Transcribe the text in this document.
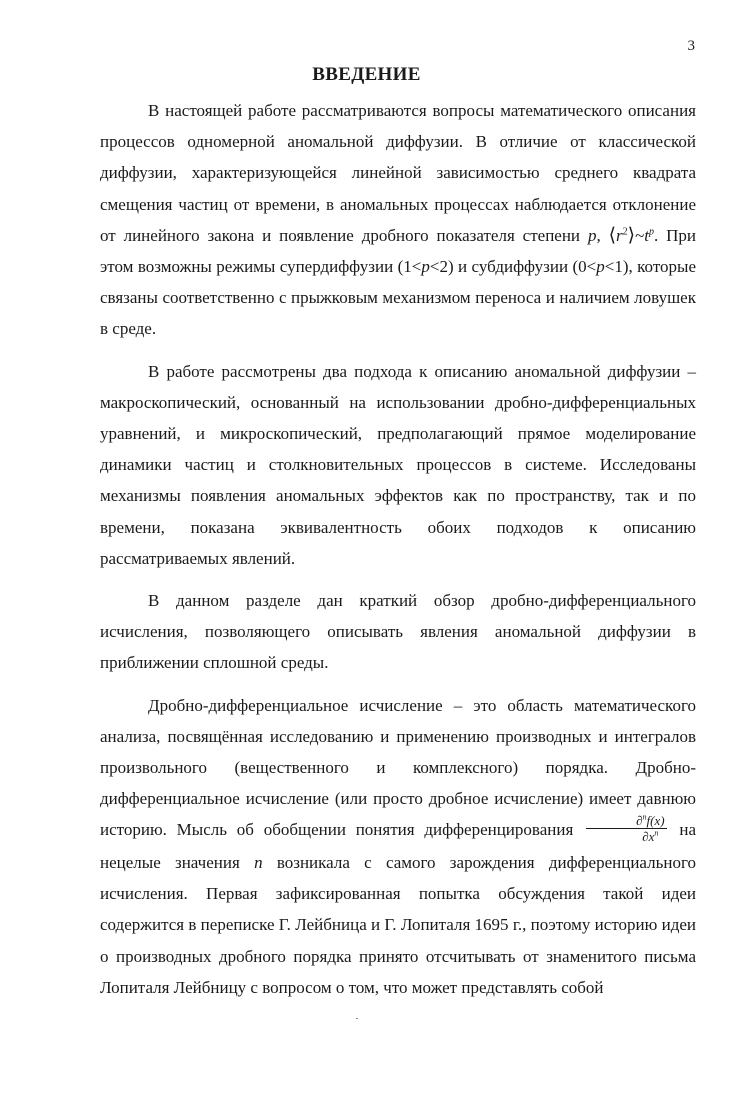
3
ВВЕДЕНИЕ

В настоящей работе рассматриваются вопросы математического описания процессов одномерной аномальной диффузии. В отличие от классической диффузии, характеризующейся линейной зависимостью среднего квадрата смещения частиц от времени, в аномальных процессах наблюдается отклонение от линейного закона и появление дробного показателя степени p, $⟨r^2⟩\sim t^p$. При этом возможны режимы супердиффузии (1<p<2) и субдиффузии (0<p<1), которые связаны соответственно с прыжковым механизмом переноса и наличием ловушек в среде.

В работе рассмотрены два подхода к описанию аномальной диффузии – макроскопический, основанный на использовании дробно-дифференциальных уравнений, и микроскопический, предполагающий прямое моделирование динамики частиц и столкновительных процессов в системе. Исследованы механизмы появления аномальных эффектов как по пространству, так и по времени, показана эквивалентность обоих подходов к описанию рассматриваемых явлений.

В данном разделе дан краткий обзор дробно-дифференциального исчисления, позволяющего описывать явления аномальной диффузии в приближении сплошной среды.

Дробно-дифференциальное исчисление – это область математического анализа, посвящённая исследованию и применению производных и интегралов произвольного (вещественного и комплексного) порядка. Дробно-дифференциальное исчисление (или просто дробное исчисление) имеет давнюю историю. Мысль об обобщении понятия дифференцирования $\frac{\partial^nf(x)}{\partial x^n}$ на нецелые значения n возникала с самого зарождения дифференциального исчисления. Первая зафиксированная попытка обсуждения такой идеи содержится в переписке Г. Лейбница и Г. Лопиталя 1695 г., поэтому историю идеи о производных дробного порядка принято отсчитывать от знаменитого письма Лопиталя Лейбницу с вопросом о том, что может представлять собой
